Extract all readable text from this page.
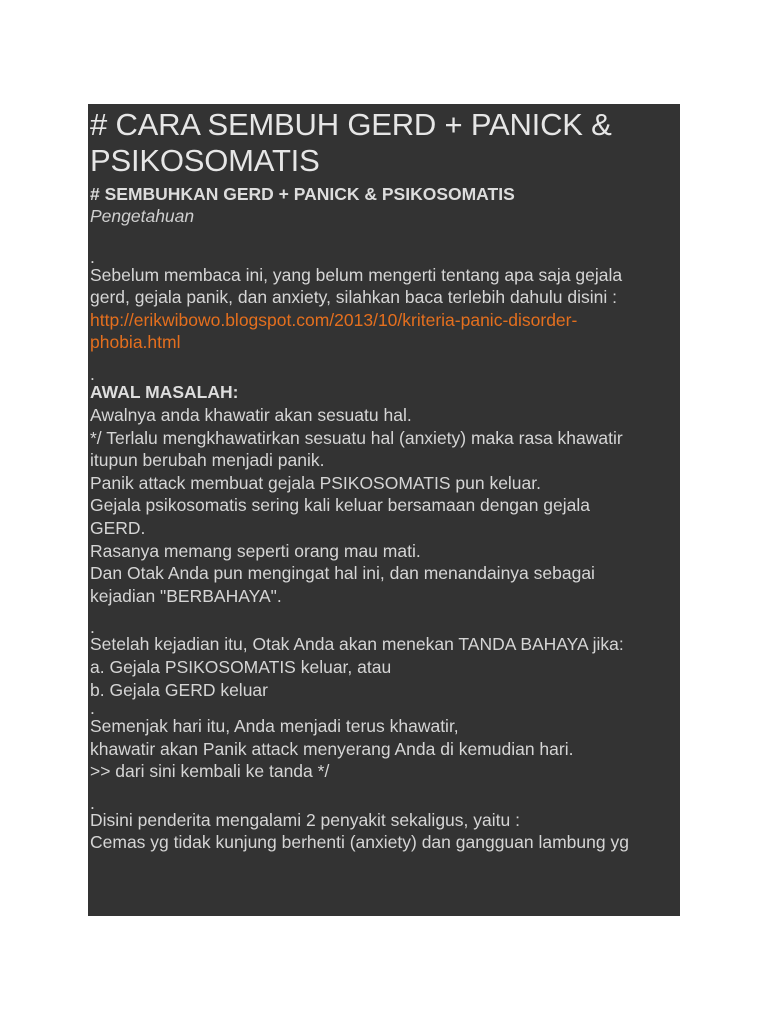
# CARA SEMBUH GERD + PANICK &
PSIKOSOMATIS
# SEMBUHKAN GERD + PANICK & PSIKOSOMATIS
Pengetahuan
.
Sebelum membaca ini, yang belum mengerti tentang apa saja gejala
gerd, gejala panik, dan anxiety, silahkan baca terlebih dahulu disini :
http://erikwibowo.blogspot.com/2013/10/kriteria-panic-disorder-
phobia.html
.
AWAL MASALAH:
Awalnya anda khawatir akan sesuatu hal.
*/ Terlalu mengkhawatirkan sesuatu hal (anxiety) maka rasa khawatir
itupun berubah menjadi panik.
Panik attack membuat gejala PSIKOSOMATIS pun keluar.
Gejala psikosomatis sering kali keluar bersamaan dengan gejala
GERD.
Rasanya memang seperti orang mau mati.
Dan Otak Anda pun mengingat hal ini, dan menandainya sebagai
kejadian "BERBAHAYA".
.
Setelah kejadian itu, Otak Anda akan menekan TANDA BAHAYA jika:
a. Gejala PSIKOSOMATIS keluar, atau
b. Gejala GERD keluar
.
Semenjak hari itu, Anda menjadi terus khawatir,
khawatir akan Panik attack menyerang Anda di kemudian hari.
>> dari sini kembali ke tanda */
.
Disini penderita mengalami 2 penyakit sekaligus, yaitu :
Cemas yg tidak kunjung berhenti (anxiety) dan gangguan lambung yg
